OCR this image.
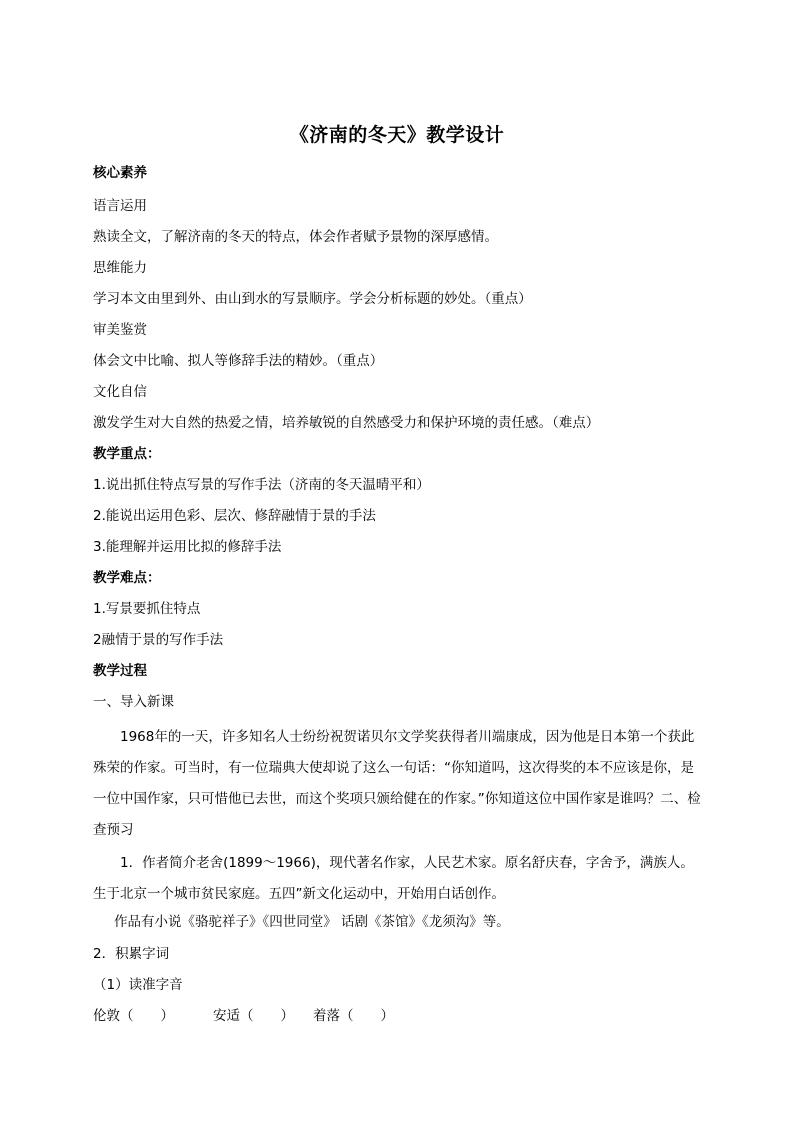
《济南的冬天》教学设计
核心素养
语言运用
熟读全文，了解济南的冬天的特点，体会作者赋予景物的深厚感情。
思维能力
学习本文由里到外、由山到水的写景顺序。学会分析标题的妙处。（重点）
审美鉴赏
体会文中比喻、拟人等修辞手法的精妙。（重点）
文化自信
激发学生对大自然的热爱之情，培养敏锐的自然感受力和保护环境的责任感。（难点）
教学重点：
1.说出抓住特点写景的写作手法（济南的冬天温晴平和）
2.能说出运用色彩、层次、修辞融情于景的手法
3.能理解并运用比拟的修辞手法
教学难点：
1.写景要抓住特点
2融情于景的写作手法
教学过程
一、导入新课
1968年的一天，许多知名人士纷纷祝贺诺贝尔文学奖获得者川端康成，因为他是日本第一个获此殊荣的作家。可当时，有一位瑞典大使却说了这么一句话：“你知道吗，这次得奖的本不应该是你，是一位中国作家，只可惜他已去世，而这个奖项只颁给健在的作家。”你知道这位中国作家是谁吗？二、检查预习
1．作者简介老舍(1899～1966)，现代著名作家，人民艺术家。原名舒庆春，字舍予，满族人。生于北京一个城市贫民家庭。五四”新文化运动中，开始用白话创作。
作品有小说《骆驼祥子》《四世同堂》 话剧《茶馆》《龙须沟》等。
2．积累字词
（1）读准字音
伦敦（　　）	安适（　　） 着落（　　）
